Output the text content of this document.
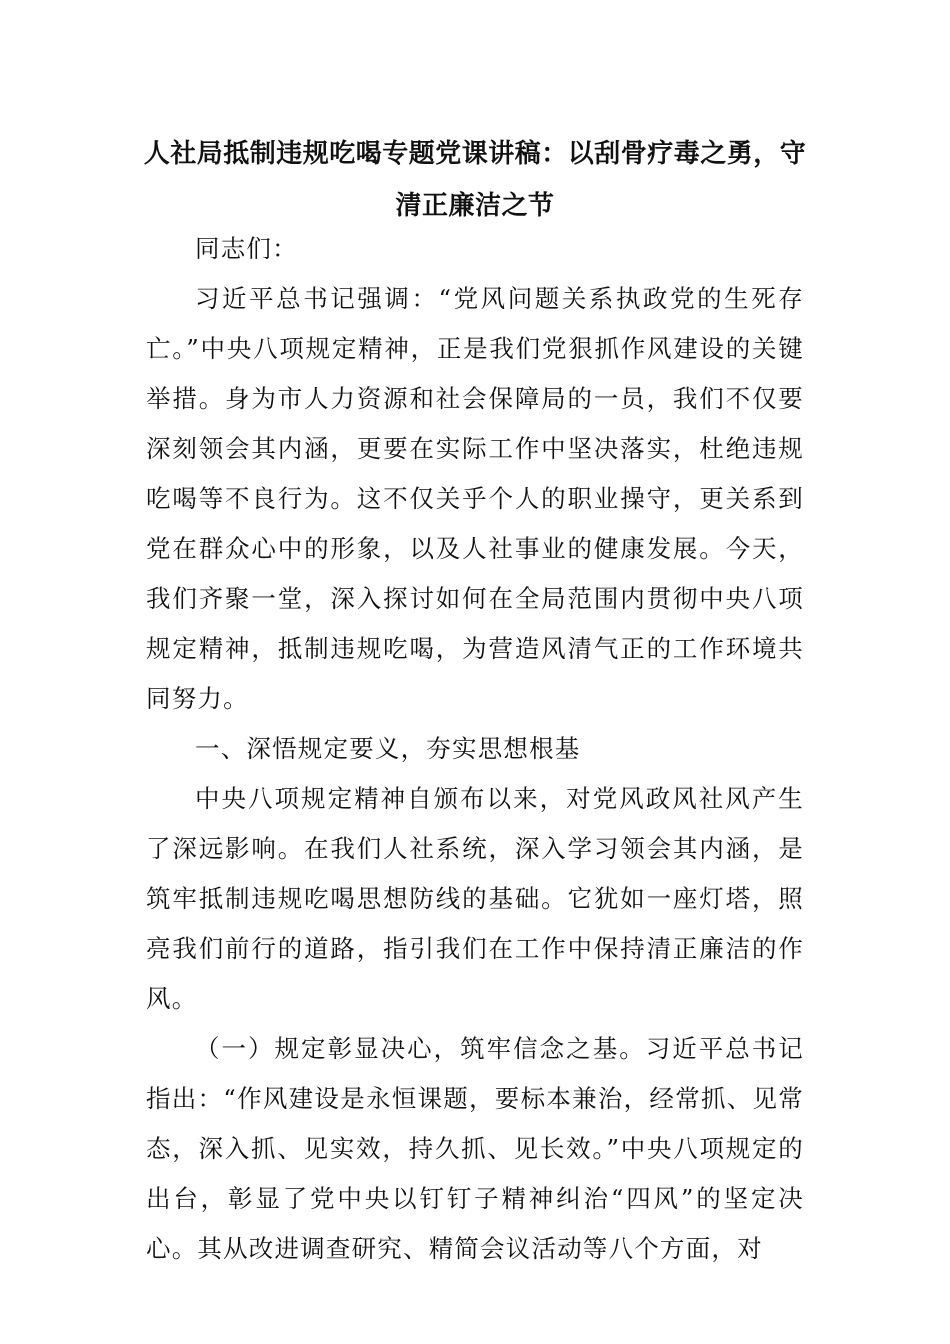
人社局抵制违规吃喝专题党课讲稿：以刮骨疗毒之勇，守清正廉洁之节

同志们：

习近平总书记强调：“党风问题关系执政党的生死存亡。”中央八项规定精神，正是我们党狠抓作风建设的关键举措。身为市人力资源和社会保障局的一员，我们不仅要深刻领会其内涵，更要在实际工作中坚决落实，杜绝违规吃喝等不良行为。这不仅关乎个人的职业操守，更关系到党在群众心中的形象，以及人社事业的健康发展。今天，我们齐聚一堂，深入探讨如何在全局范围内贯彻中央八项规定精神，抵制违规吃喝，为营造风清气正的工作环境共同努力。

一、深悟规定要义，夯实思想根基

中央八项规定精神自颁布以来，对党风政风社风产生了深远影响。在我们人社系统，深入学习领会其内涵，是筑牢抵制违规吃喝思想防线的基础。它犹如一座灯塔，照亮我们前行的道路，指引我们在工作中保持清正廉洁的作风。

（一）规定彰显决心，筑牢信念之基。习近平总书记指出：“作风建设是永恒课题，要标本兼治，经常抓、见常态，深入抓、见实效，持久抓、见长效。”中央八项规定的出台，彰显了党中央以钉钉子精神纠治“四风”的坚定决心。其从改进调查研究、精简会议活动等八个方面，对
